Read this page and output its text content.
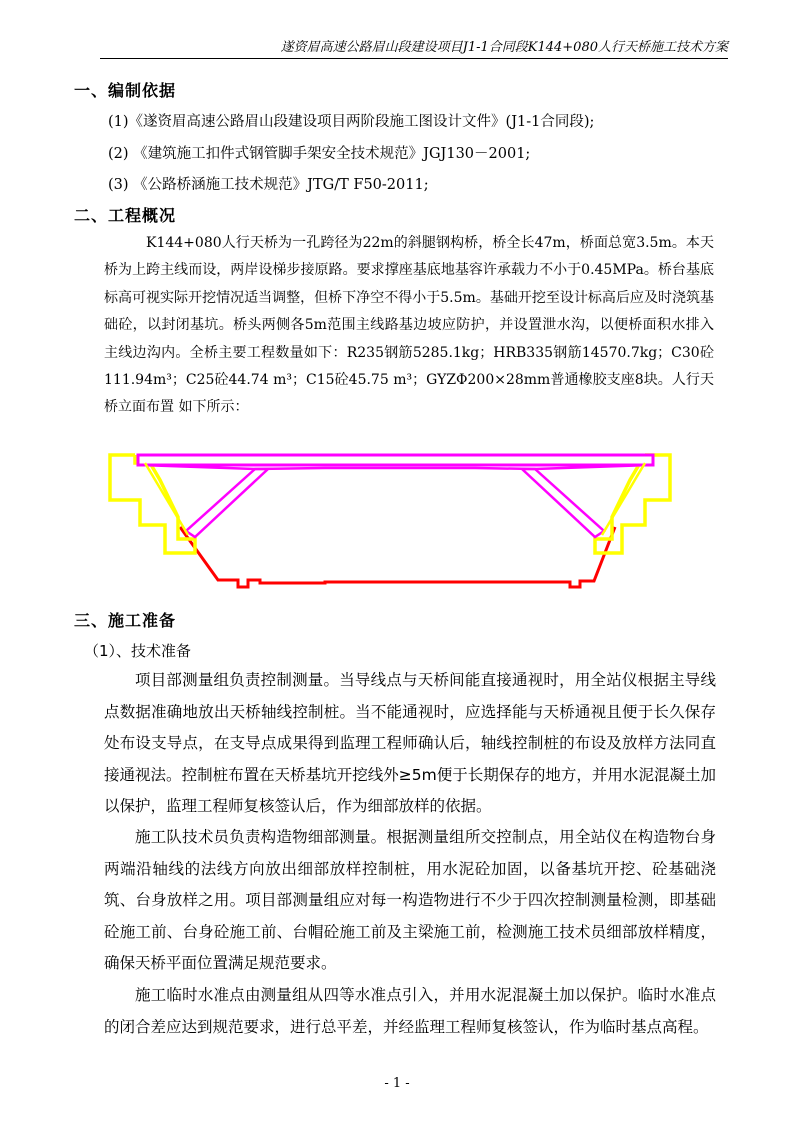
遂资眉高速公路眉山段建设项目J1-1合同段K144+080人行天桥施工技术方案
一、编制依据
(1)《遂资眉高速公路眉山段建设项目两阶段施工图设计文件》(J1-1合同段);
(2) 《建筑施工扣件式钢管脚手架安全技术规范》JGJ130－2001;
(3) 《公路桥涵施工技术规范》JTG/T F50-2011;
二、工程概况
K144+080人行天桥为一孔跨径为22m的斜腿钢构桥，桥全长47m，桥面总宽3.5m。本天桥为上跨主线而设，两岸设梯步接原路。要求撑座基底地基容许承载力不小于0.45MPa。桥台基底标高可视实际开挖情况适当调整，但桥下净空不得小于5.5m。基础开挖至设计标高后应及时浇筑基础砼，以封闭基坑。桥头两侧各5m范围主线路基边坡应防护，并设置泄水沟，以便桥面积水排入主线边沟内。全桥主要工程数量如下：R235钢筋5285.1kg；HRB335钢筋14570.7kg；C30砼111.94m³；C25砼44.74 m³；C15砼45.75 m³；GYZΦ200×28mm普通橡胶支座8块。人行天桥立面布置 如下所示：
三、施工准备
（1）、技术准备
项目部测量组负责控制测量。当导线点与天桥间能直接通视时，用全站仪根据主导线点数据准确地放出天桥轴线控制桩。当不能通视时，应选择能与天桥通视且便于长久保存处布设支导点，在支导点成果得到监理工程师确认后，轴线控制桩的布设及放样方法同直接通视法。控制桩布置在天桥基坑开挖线外≥5m便于长期保存的地方，并用水泥混凝土加以保护，监理工程师复核签认后，作为细部放样的依据。
施工队技术员负责构造物细部测量。根据测量组所交控制点，用全站仪在构造物台身两端沿轴线的法线方向放出细部放样控制桩，用水泥砼加固，以备基坑开挖、砼基础浇筑、台身放样之用。项目部测量组应对每一构造物进行不少于四次控制测量检测，即基础砼施工前、台身砼施工前、台帽砼施工前及主梁施工前，检测施工技术员细部放样精度，确保天桥平面位置满足规范要求。
施工临时水准点由测量组从四等水准点引入，并用水泥混凝土加以保护。临时水准点的闭合差应达到规范要求，进行总平差，并经监理工程师复核签认，作为临时基点高程。
- 1 -
